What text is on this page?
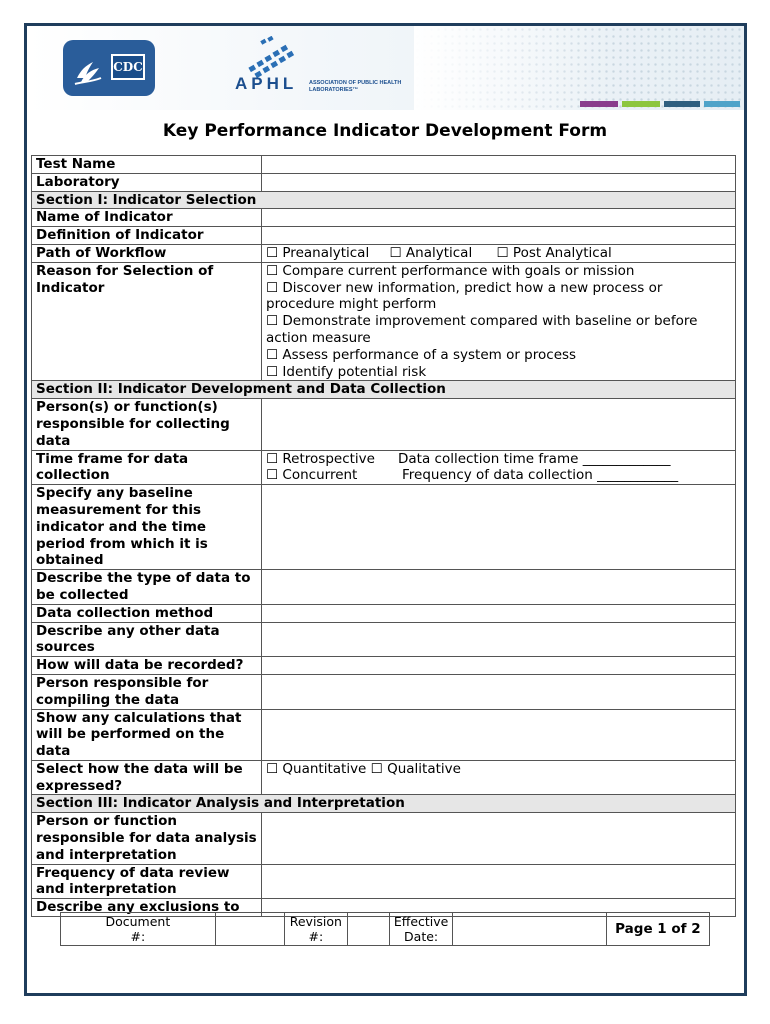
CDC
APHL ASSOCIATION OF PUBLIC HEALTH LABORATORIES™
Key Performance Indicator Development Form
Test Name	
Laboratory	
Section I: Indicator Selection	
Name of Indicator	
Definition of Indicator	
Path of Workflow	☐ Preanalytical ☐ Analytical ☐ Post Analytical
Reason for Selection of Indicator	☐ Compare current performance with goals or mission
☐ Discover new information, predict how a new process or procedure might perform
☐ Demonstrate improvement compared with baseline or before action measure
☐ Assess performance of a system or process
☐ Identify potential risk

Section II: Indicator Development and Data Collection	
Person(s) or function(s) responsible for collecting data	
Time frame for data collection	☐ Retrospective Data collection time frame _____________
☐ Concurrent Frequency of data collection ____________

Specify any baseline measurement for this indicator and the time period from which it is obtained	
Describe the type of data to be collected	
Data collection method	
Describe any other data sources	
How will data be recorded?	
Person responsible for compiling the data	
Show any calculations that will be performed on the data	
Select how the data will be expressed?	☐ Quantitative ☐ Qualitative
Section III: Indicator Analysis and Interpretation	
Person or function responsible for data analysis and interpretation	
Frequency of data review and interpretation	
Describe any exclusions to	
Document #:		Revision #:		Effective Date:		Page 1 of 2
